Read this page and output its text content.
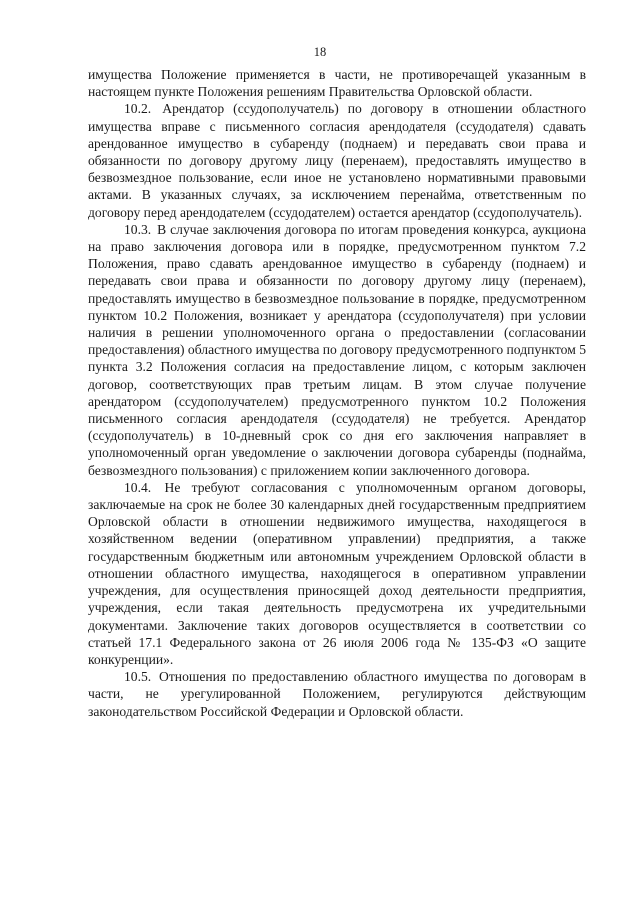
18

имущества Положение применяется в части, не противоречащей указанным в настоящем пункте Положения решениям Правительства Орловской области.

10.2. Арендатор (ссудополучатель) по договору в отношении областного имущества вправе с письменного согласия арендодателя (ссудодателя) сдавать арендованное имущество в субаренду (поднаем) и передавать свои права и обязанности по договору другому лицу (перенаем), предоставлять имущество в безвозмездное пользование, если иное не установлено нормативными правовыми актами. В указанных случаях, за исключением перенайма, ответственным по договору перед арендодателем (ссудодателем) остается арендатор (ссудополучатель).

10.3. В случае заключения договора по итогам проведения конкурса, аукциона на право заключения договора или в порядке, предусмотренном пунктом 7.2 Положения, право сдавать арендованное имущество в субаренду (поднаем) и передавать свои права и обязанности по договору другому лицу (перенаем), предоставлять имущество в безвозмездное пользование в порядке, предусмотренном пунктом 10.2 Положения, возникает у арендатора (ссудополучателя) при условии наличия в решении уполномоченного органа о предоставлении (согласовании предоставления) областного имущества по договору предусмотренного подпунктом 5 пункта 3.2 Положения согласия на предоставление лицом, с которым заключен договор, соответствующих прав третьим лицам. В этом случае получение арендатором (ссудополучателем) предусмотренного пунктом 10.2 Положения письменного согласия арендодателя (ссудодателя) не требуется. Арендатор (ссудополучатель) в 10-дневный срок со дня его заключения направляет в уполномоченный орган уведомление о заключении договора субаренды (поднайма, безвозмездного пользования) с приложением копии заключенного договора.

10.4. Не требуют согласования с уполномоченным органом договоры, заключаемые на срок не более 30 календарных дней государственным предприятием Орловской области в отношении недвижимого имущества, находящегося в хозяйственном ведении (оперативном управлении) предприятия, а также государственным бюджетным или автономным учреждением Орловской области в отношении областного имущества, находящегося в оперативном управлении учреждения, для осуществления приносящей доход деятельности предприятия, учреждения, если такая деятельность предусмотрена их учредительными документами. Заключение таких договоров осуществляется в соответствии со статьей 17.1 Федерального закона от 26 июля 2006 года № 135-ФЗ «О защите конкуренции».

10.5. Отношения по предоставлению областного имущества по договорам в части, не урегулированной Положением, регулируются действующим законодательством Российской Федерации и Орловской области.
